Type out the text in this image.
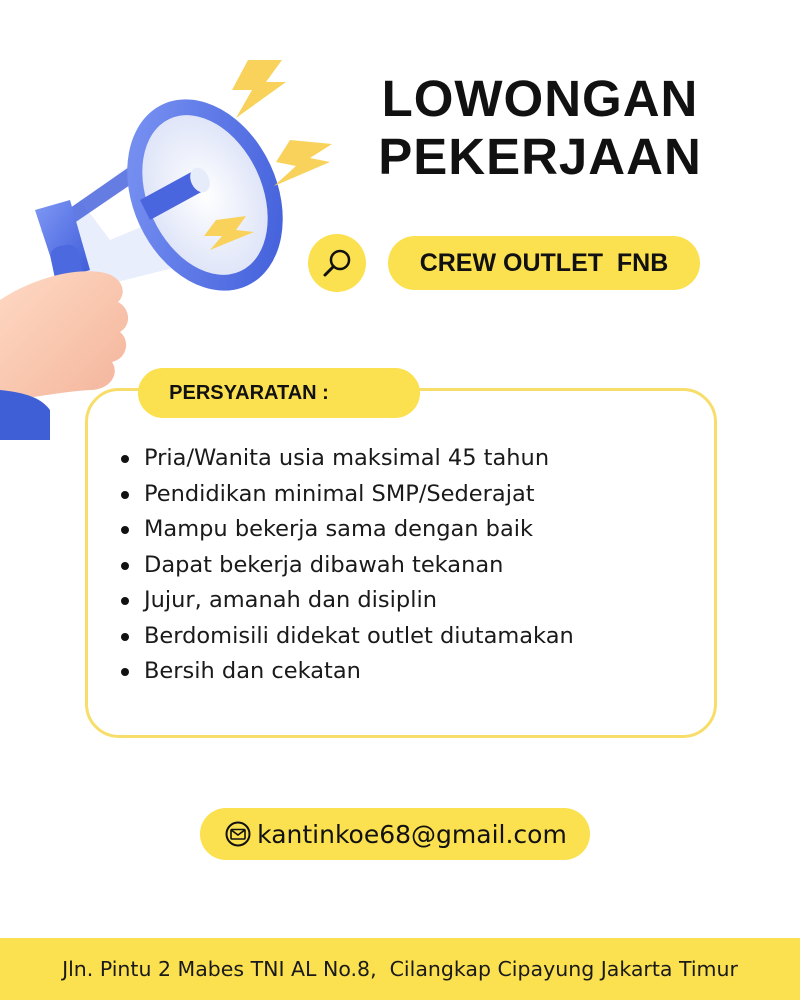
LOWONGAN
PEKERJAAN
CREW OUTLET  FNB
PERSYARATAN :
Pria/Wanita usia maksimal 45 tahun
Pendidikan minimal SMP/Sederajat
Mampu bekerja sama dengan baik
Dapat bekerja dibawah tekanan
Jujur, amanah dan disiplin
Berdomisili didekat outlet diutamakan
Bersih dan cekatan
kantinkoe68@gmail.com
Jln. Pintu 2 Mabes TNI AL No.8,  Cilangkap Cipayung Jakarta Timur
